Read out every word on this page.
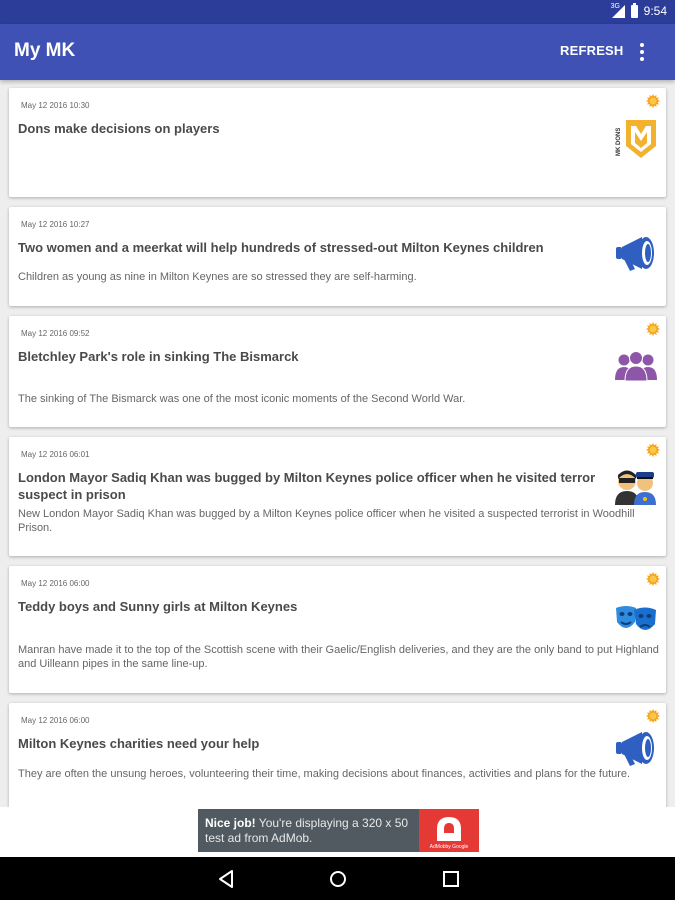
3G 9:54
My MK	REFRESH
May 12 2016 10:30
Dons make decisions on players	MK DONS
May 12 2016 10:27
Two women and a meerkat will help hundreds of stressed-out Milton Keynes children
Children as young as nine in Milton Keynes are so stressed they are self-harming.
May 12 2016 09:52
Bletchley Park's role in sinking The Bismarck
The sinking of The Bismarck was one of the most iconic moments of the Second World War.
May 12 2016 06:01
London Mayor Sadiq Khan was bugged by Milton Keynes police officer when he visited terror suspect in prison
New London Mayor Sadiq Khan was bugged by a Milton Keynes police officer when he visited a suspected terrorist in Woodhill Prison.
May 12 2016 06:00
Teddy boys and Sunny girls at Milton Keynes
Manran have made it to the top of the Scottish scene with their Gaelic/English deliveries, and they are the only band to put Highland and Uilleann pipes in the same line-up.
May 12 2016 06:00
Milton Keynes charities need your help
They are often the unsung heroes, volunteering their time, making decisions about finances, activities and plans for the future.
Nice job! You're displaying a 320 x 50 test ad from AdMob.
AdMobby Google
